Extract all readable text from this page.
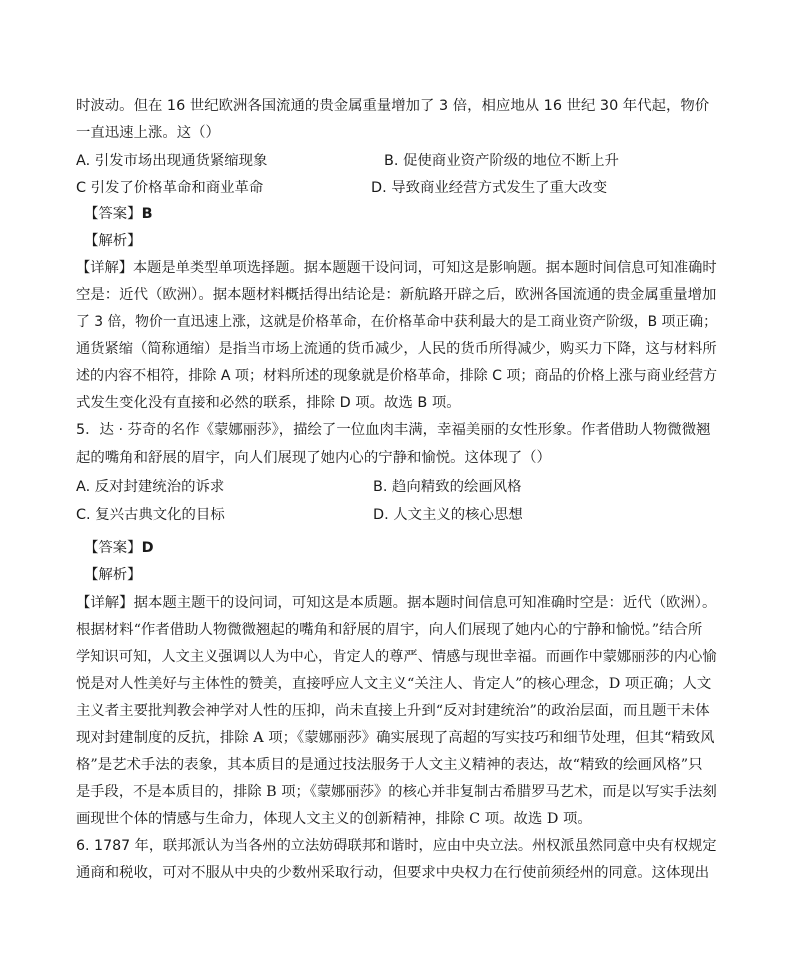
时波动。但在 16 世纪欧洲各国流通的贵金属重量增加了 3 倍，相应地从 16 世纪 30 年代起，物价
一直迅速上涨。这（）
A. 引发市场出现通货紧缩现象	B. 促使商业资产阶级的地位不断上升
C 引发了价格革命和商业革命	D. 导致商业经营方式发生了重大改变
【答案】B
【解析】
【详解】本题是单类型单项选择题。据本题题干设问词，可知这是影响题。据本题时间信息可知准确时
空是：近代（欧洲）。据本题材料概括得出结论是：新航路开辟之后，欧洲各国流通的贵金属重量增加
了 3 倍，物价一直迅速上涨，这就是价格革命，在价格革命中获利最大的是工商业资产阶级，B 项正确；
通货紧缩（简称通缩）是指当市场上流通的货币减少，人民的货币所得减少，购买力下降，这与材料所
述的内容不相符，排除 A 项；材料所述的现象就是价格革命，排除 C 项；商品的价格上涨与商业经营方
式发生变化没有直接和必然的联系，排除 D 项。故选 B 项。
5．达 · 芬奇的名作《蒙娜丽莎》，描绘了一位血肉丰满，幸福美丽的女性形象。作者借助人物微微翘
起的嘴角和舒展的眉宇，向人们展现了她内心的宁静和愉悦。这体现了（）
A. 反对封建统治的诉求	B. 趋向精致的绘画风格
C. 复兴古典文化的目标	D. 人文主义的核心思想
【答案】D
【解析】
【详解】据本题主题干的设问词，可知这是本质题。据本题时间信息可知准确时空是：近代（欧洲）。
根据材料“作者借助人物微微翘起的嘴角和舒展的眉宇，向人们展现了她内心的宁静和愉悦。”结合所
学知识可知，人文主义强调以人为中心，肯定人的尊严、情感与现世幸福。而画作中蒙娜丽莎的内心愉
悦是对人性美好与主体性的赞美，直接呼应人文主义“关注人、肯定人”的核心理念，D 项正确；人文
主义者主要批判教会神学对人性的压抑，尚未直接上升到“反对封建统治”的政治层面，而且题干未体
现对封建制度的反抗，排除 A 项；《蒙娜丽莎》确实展现了高超的写实技巧和细节处理，但其“精致风
格”是艺术手法的表象，其本质目的是通过技法服务于人文主义精神的表达，故“精致的绘画风格”只
是手段，不是本质目的，排除 B 项；《蒙娜丽莎》的核心并非复制古希腊罗马艺术，而是以写实手法刻
画现世个体的情感与生命力，体现人文主义的创新精神，排除 C 项。故选 D 项。
6. 1787 年，联邦派认为当各州的立法妨碍联邦和谐时，应由中央立法。州权派虽然同意中央有权规定
通商和税收，可对不服从中央的少数州采取行动，但要求中央权力在行使前须经州的同意。这体现出
